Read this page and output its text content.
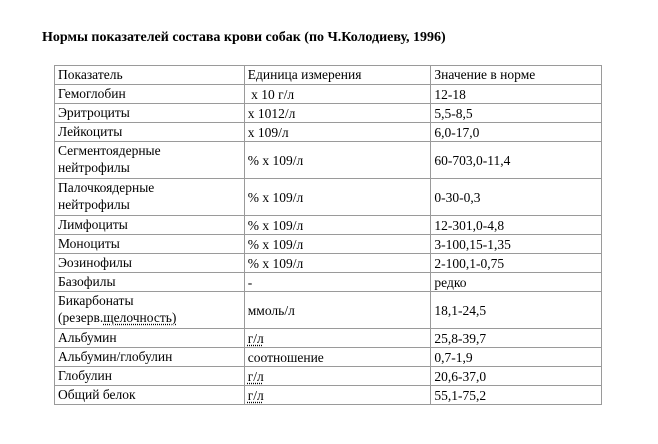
Нормы показателей состава крови собак (по Ч.Колодиеву, 1996)
Показатель	Единица измерения	Значение в норме
Гемоглобин	х 10 г/л	12-18
Эритроциты	х 1012/л	5,5-8,5
Лейкоциты	х 109/л	6,0-17,0
Сегментоядерные
нейтрофилы	% х 109/л	60-703,0-11,4
Палочкоядерные
нейтрофилы	% х 109/л	0-30-0,3
Лимфоциты	% х 109/л	12-301,0-4,8
Моноциты	% х 109/л	3-100,15-1,35
Эозинофилы	% х 109/л	2-100,1-0,75
Базофилы	-	редко
Бикарбонаты
(резерв.щелочность)	ммоль/л	18,1-24,5
Альбумин	г/л	25,8-39,7
Альбумин/глобулин	соотношение	0,7-1,9
Глобулин	г/л	20,6-37,0
Общий белок	г/л	55,1-75,2
